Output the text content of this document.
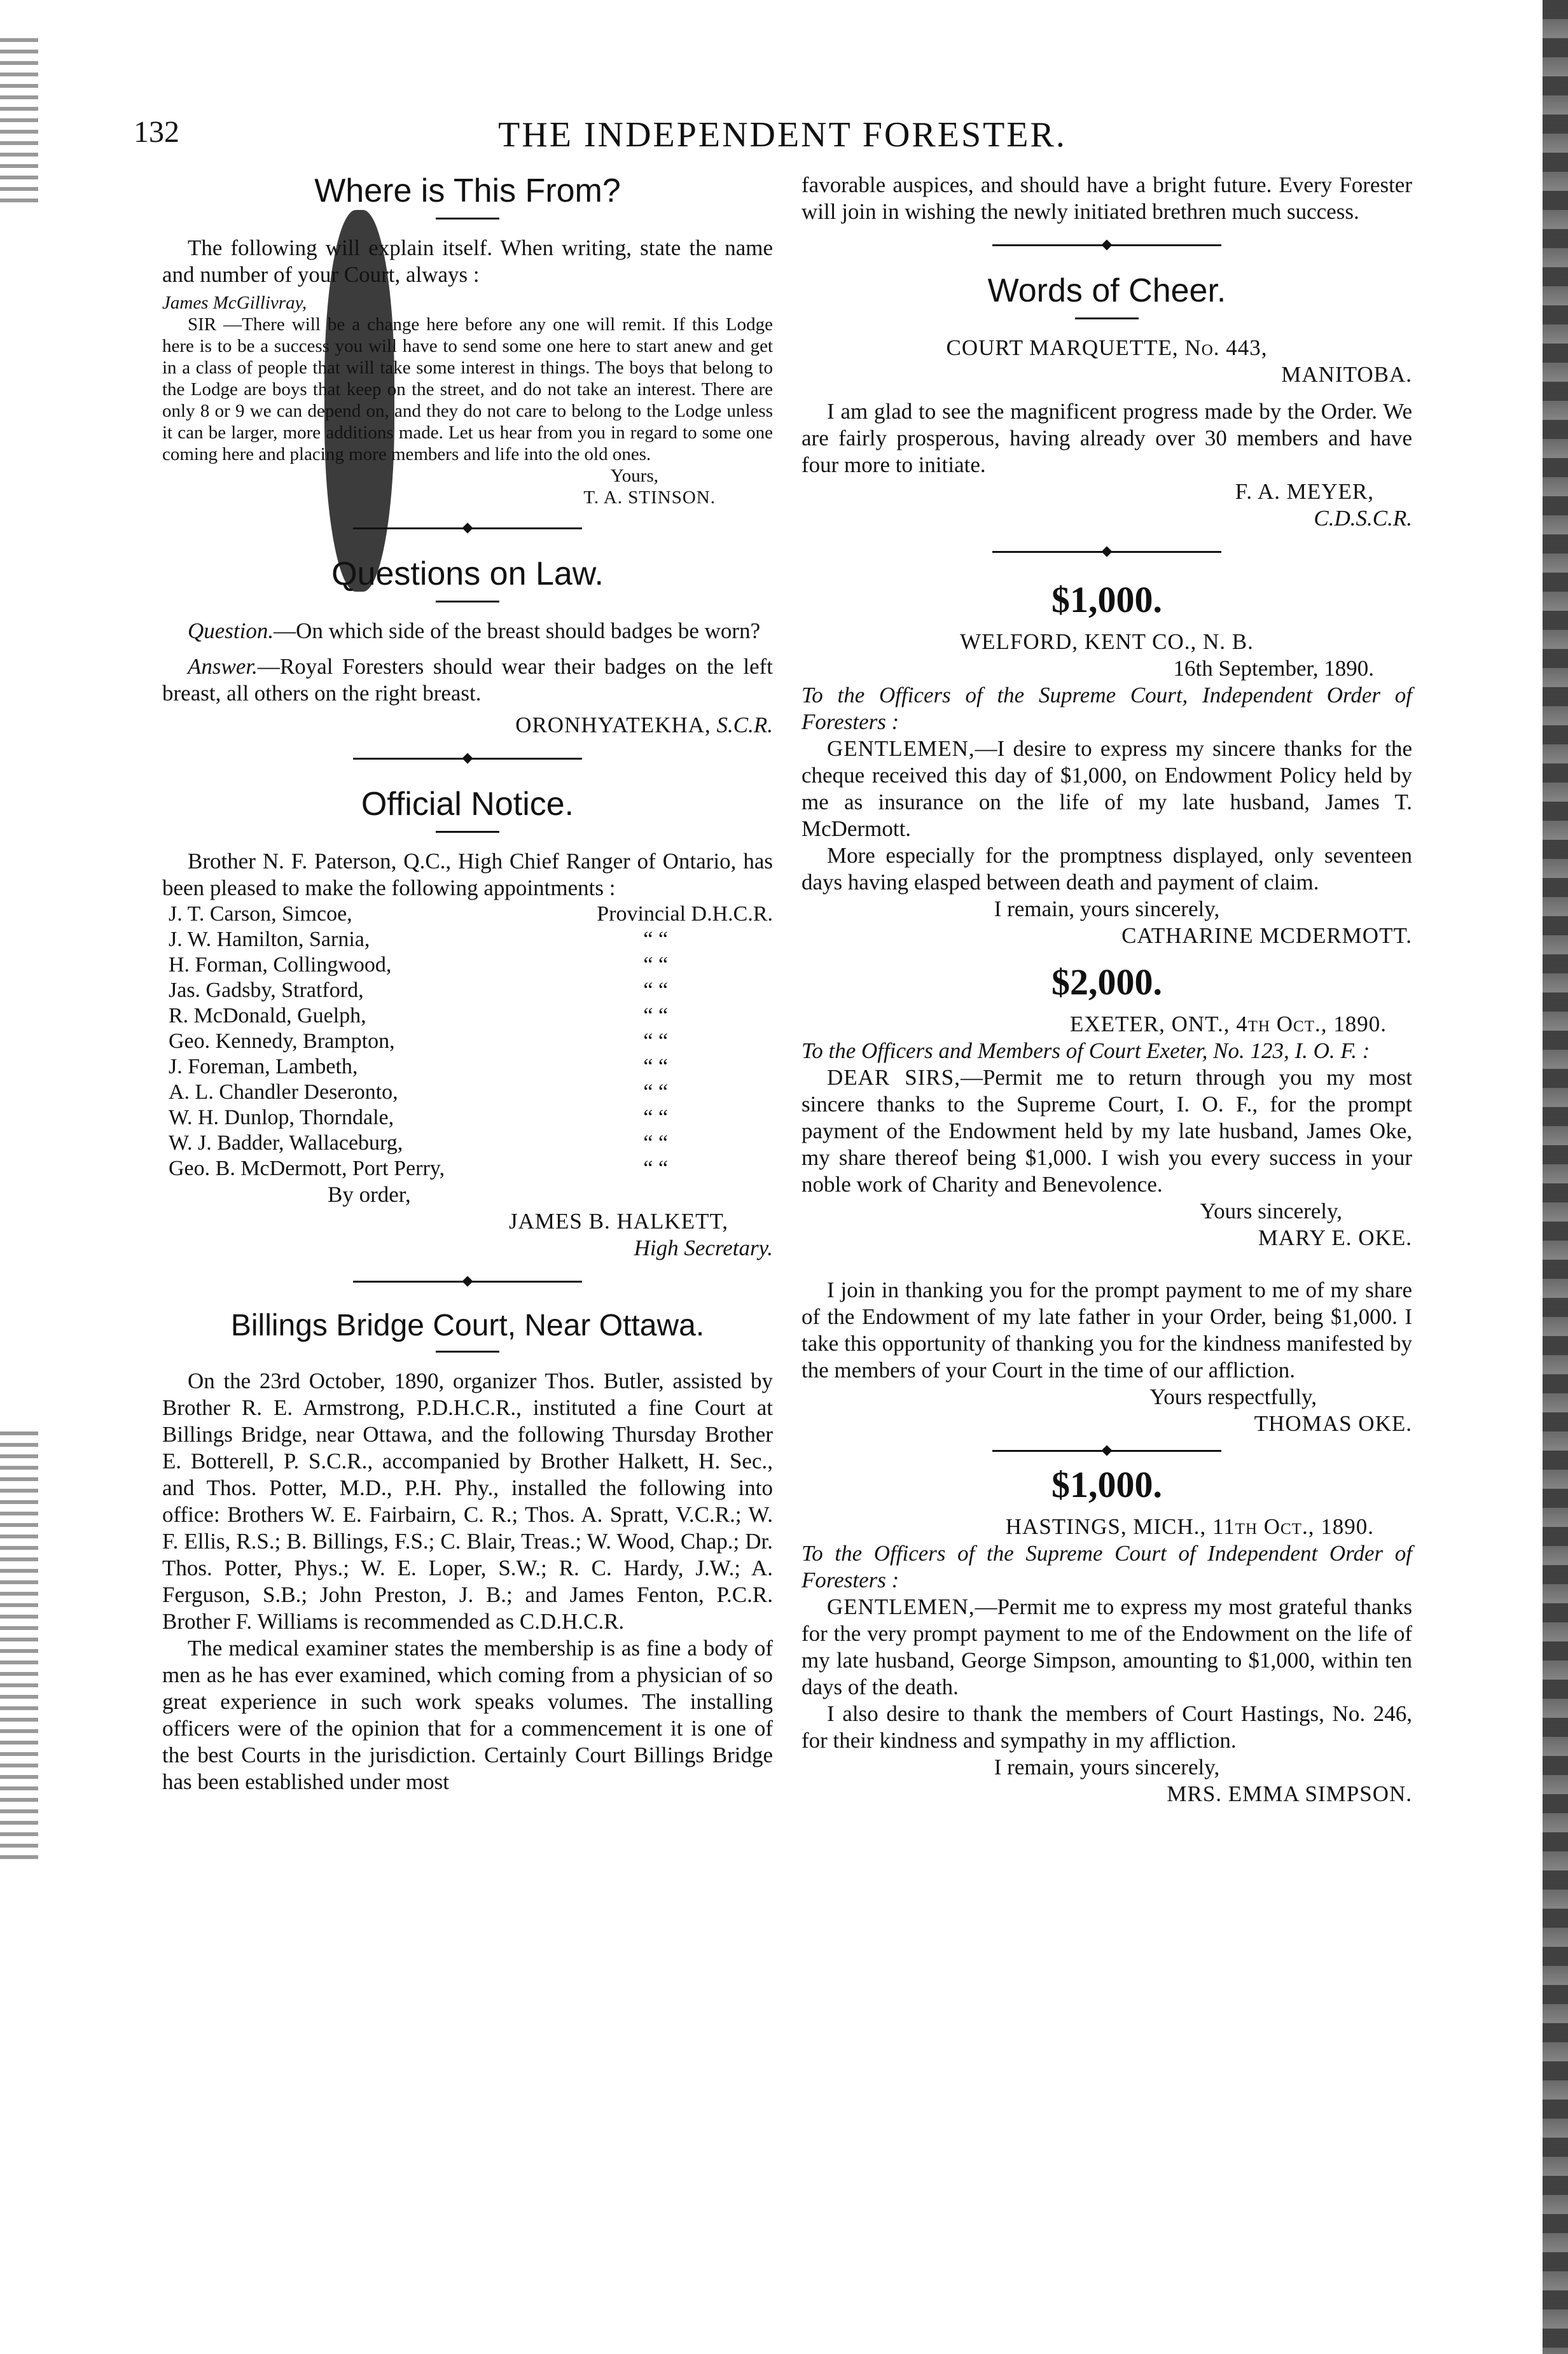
132	THE INDEPENDENT FORESTER.
Where is This From?

The following will explain itself. When writing, state the name and number of your Court, always :

James McGillivray,

SIR —There will be a change here before any one will remit. If this Lodge here is to be a success you will have to send some one here to start anew and get in a class of people that will take some interest in things. The boys that belong to the Lodge are boys that keep on the street, and do not take an interest. There are only 8 or 9 we can depend on, and they do not care to belong to the Lodge unless it can be larger, more additions made. Let us hear from you in regard to some one coming here and placing more members and life into the old ones.

Yours,

T. A. STINSON.

Questions on Law.

Question.—On which side of the breast should badges be worn?

Answer.—Royal Foresters should wear their badges on the left breast, all others on the right breast.

ORONHYATEKHA, S.C.R.

Official Notice.

Brother N. F. Paterson, Q.C., High Chief Ranger of Ontario, has been pleased to make the following appointments :

J. T. Carson, Simcoe,	Provincial D.H.C.R.
J. W. Hamilton, Sarnia,	“ “
H. Forman, Collingwood,	“ “
Jas. Gadsby, Stratford,	“ “
R. McDonald, Guelph,	“ “
Geo. Kennedy, Brampton,	“ “
J. Foreman, Lambeth,	“ “
A. L. Chandler Deseronto,	“ “
W. H. Dunlop, Thorndale,	“ “
W. J. Badder, Wallaceburg,	“ “
Geo. B. McDermott, Port Perry,	“ “

By order,

JAMES B. HALKETT,

High Secretary.

Billings Bridge Court, Near Ottawa.

On the 23rd October, 1890, organizer Thos. Butler, assisted by Brother R. E. Armstrong, P.D.H.C.R., instituted a fine Court at Billings Bridge, near Ottawa, and the following Thursday Brother E. Botterell, P. S.C.R., accompanied by Brother Halkett, H. Sec., and Thos. Potter, M.D., P.H. Phy., installed the following into office: Brothers W. E. Fairbairn, C. R.; Thos. A. Spratt, V.C.R.; W. F. Ellis, R.S.; B. Billings, F.S.; C. Blair, Treas.; W. Wood, Chap.; Dr. Thos. Potter, Phys.; W. E. Loper, S.W.; R. C. Hardy, J.W.; A. Ferguson, S.B.; John Preston, J. B.; and James Fenton, P.C.R. Brother F. Williams is recommended as C.D.H.C.R.

The medical examiner states the membership is as fine a body of men as he has ever examined, which coming from a physician of so great experience in such work speaks volumes. The installing officers were of the opinion that for a commencement it is one of the best Courts in the jurisdiction. Certainly Court Billings Bridge has been established under most

favorable auspices, and should have a bright future. Every Forester will join in wishing the newly initiated brethren much success.

Words of Cheer.

COURT MARQUETTE, No. 443,

MANITOBA.

I am glad to see the magnificent progress made by the Order. We are fairly prosperous, having already over 30 members and have four more to initiate.

F. A. MEYER,

C.D.S.C.R.

$1,000.

WELFORD, KENT CO., N. B.

16th September, 1890.

To the Officers of the Supreme Court, Independent Order of Foresters :

GENTLEMEN,—I desire to express my sincere thanks for the cheque received this day of $1,000, on Endowment Policy held by me as insurance on the life of my late husband, James T. McDermott.

More especially for the promptness displayed, only seventeen days having elasped between death and payment of claim.

I remain, yours sincerely,

CATHARINE MCDERMOTT.

$2,000.

EXETER, ONT., 4th Oct., 1890.

To the Officers and Members of Court Exeter, No. 123, I. O. F. :

DEAR SIRS,—Permit me to return through you my most sincere thanks to the Supreme Court, I. O. F., for the prompt payment of the Endowment held by my late husband, James Oke, my share thereof being $1,000. I wish you every success in your noble work of Charity and Benevolence.

Yours sincerely,

MARY E. OKE.

I join in thanking you for the prompt payment to me of my share of the Endowment of my late father in your Order, being $1,000. I take this opportunity of thanking you for the kindness manifested by the members of your Court in the time of our affliction.

Yours respectfully,

THOMAS OKE.

$1,000.

HASTINGS, MICH., 11th Oct., 1890.

To the Officers of the Supreme Court of Independent Order of Foresters :

GENTLEMEN,—Permit me to express my most grateful thanks for the very prompt payment to me of the Endowment on the life of my late husband, George Simpson, amounting to $1,000, within ten days of the death.

I also desire to thank the members of Court Hastings, No. 246, for their kindness and sympathy in my affliction.

I remain, yours sincerely,

MRS. EMMA SIMPSON.
